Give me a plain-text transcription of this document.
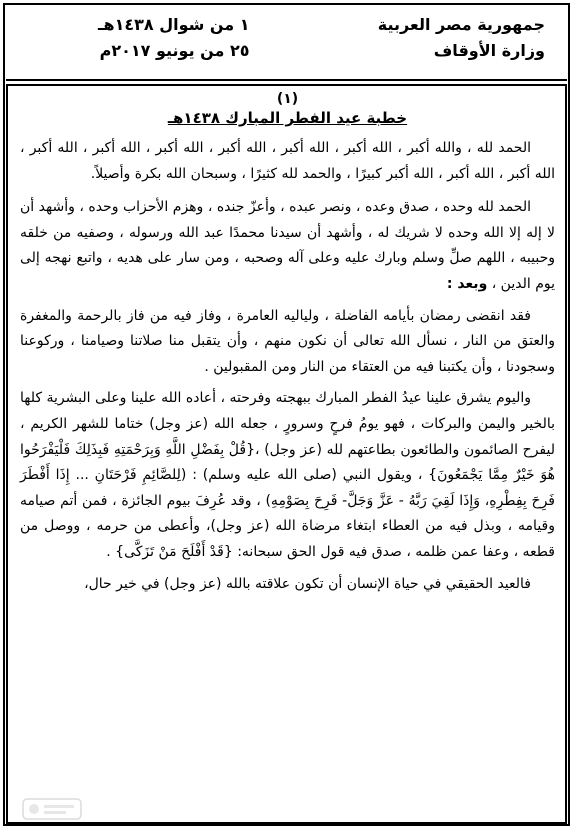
جمهورية مصر العربية
وزارة الأوقاف
١ من شوال ١٤٣٨هـ
٢٥ من يونيو ٢٠١٧م
(١)
خطبة عيد الفطر المبارك ١٤٣٨هـ

الحمد لله ، والله أكبر ، الله أكبر ، الله أكبر ، الله أكبر ، الله أكبر ، الله أكبر ، الله أكبر ، الله أكبر ، الله أكبر ، الله أكبر كبيرًا ، والحمد لله كثيرًا ، وسبحان الله بكرة وأصيلاً.

الحمد لله وحده ، صدق وعده ، ونصر عبده ، وأعزّ جنده ، وهزم الأحزاب وحده ، وأشهد أن لا إله إلا الله وحده لا شريك له ، وأشهد أن سيدنا محمدًا عبد الله ورسوله ، وصفيه من خلقه وحبيبه ، اللهم صلِّ وسلم وبارك عليه وعلى آله وصحبه ، ومن سار على هديه ، واتبع نهجه إلى يوم الدين ، وبعد :

فقد انقضى رمضان بأيامه الفاضلة ، ولياليه العامرة ، وفاز فيه من فاز بالرحمة والمغفرة والعتق من النار ، نسأل الله تعالى أن نكون منهم ، وأن يتقبل منا صلاتنا وصيامنا ، وركوعنا وسجودنا ، وأن يكتبنا فيه من العتقاء من النار ومن المقبولين .

واليوم يشرق علينا عيدُ الفطر المبارك ببهجته وفرحته ، أعاده الله علينا وعلى البشرية كلها بالخير واليمن والبركات ، فهو يومُ فرحٍ وسرورٍ ، جعله الله (عز وجل) ختاما للشهر الكريم ، ليفرح الصائمون والطائعون بطاعتهم لله (عز وجل) ،{قُلْ بِفَضْلِ اللَّهِ وَبِرَحْمَتِهِ فَبِذَلِكَ فَلْيَفْرَحُوا هُوَ خَيْرٌ مِمَّا يَجْمَعُونَ} ، ويقول النبي (صلى الله عليه وسلم) : (لِلصَّائِمِ فَرْحَتَانِ ... إِذَا أَفْطَرَ فَرِحَ بِفِطْرِهِ، وَإِذَا لَقِيَ رَبَّهُ - عَزَّ وَجَلَّ- فَرِحَ بِصَوْمِهِ) ، وقد عُرِفَ بيوم الجائزة ، فمن أتم صيامه وقيامه ، وبذل فيه من العطاء ابتغاء مرضاة الله (عز وجل)، وأعطى من حرمه ، ووصل من قطعه ، وعفا عمن ظلمه ، صدق فيه قول الحق سبحانه: {قَدْ أَفْلَحَ مَنْ تَزَكَّى} .

فالعيد الحقيقي في حياة الإنسان أن تكون علاقته بالله (عز وجل) في خير حال،
